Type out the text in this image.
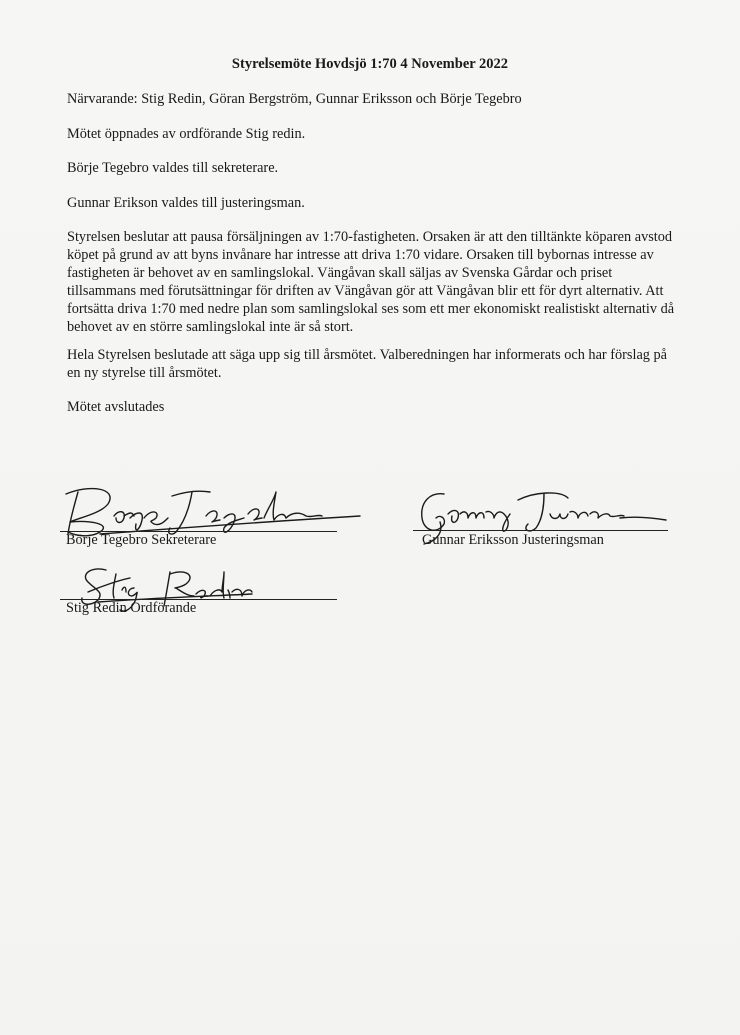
Styrelsemöte Hovdsjö 1:70 4 November 2022

Närvarande: Stig Redin, Göran Bergström, Gunnar Eriksson och Börje Tegebro

Mötet öppnades av ordförande Stig redin.

Börje Tegebro valdes till sekreterare.

Gunnar Erikson valdes till justeringsman.

Styrelsen beslutar att pausa försäljningen av 1:70-fastigheten. Orsaken är att den tilltänkte köparen avstod köpet på grund av att byns invånare har intresse att driva 1:70 vidare. Orsaken till bybornas intresse av fastigheten är behovet av en samlingslokal. Vängåvan skall säljas av Svenska Gårdar och priset tillsammans med förutsättningar för driften av Vängåvan gör att Vängåvan blir ett för dyrt alternativ. Att fortsätta driva 1:70 med nedre plan som samlingslokal ses som ett mer ekonomiskt realistiskt alternativ då behovet av en större samlingslokal inte är så stort.

Hela Styrelsen beslutade att säga upp sig till årsmötet. Valberedningen har informerats och har förslag på en ny styrelse till årsmötet.

Mötet avslutades

Börje Tegebro Sekreterare	Gunnar Eriksson Justeringsman
Stig Redin Ordförande
